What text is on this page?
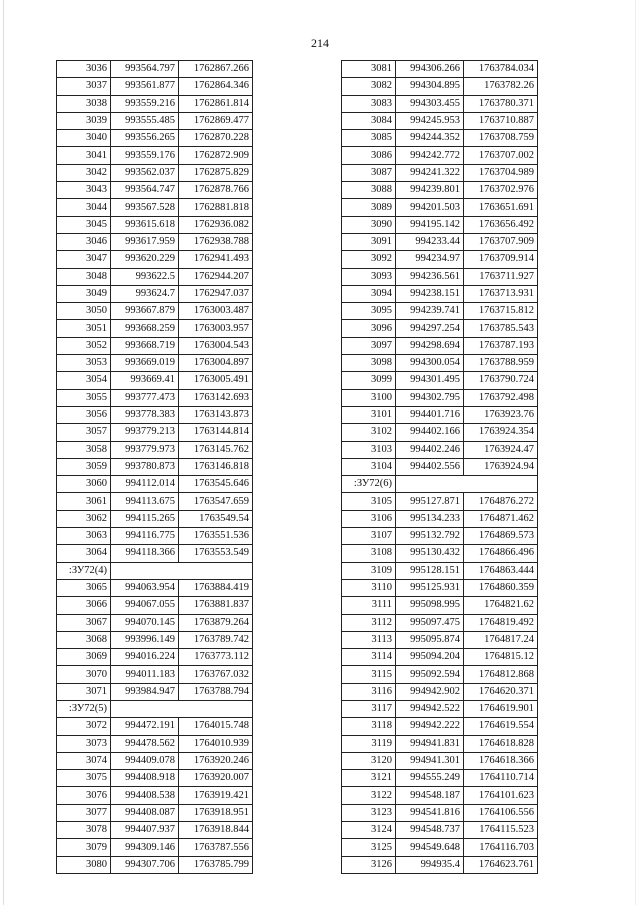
214
3036	993564.797	1762867.266
3037	993561.877	1762864.346
3038	993559.216	1762861.814
3039	993555.485	1762869.477
3040	993556.265	1762870.228
3041	993559.176	1762872.909
3042	993562.037	1762875.829
3043	993564.747	1762878.766
3044	993567.528	1762881.818
3045	993615.618	1762936.082
3046	993617.959	1762938.788
3047	993620.229	1762941.493
3048	993622.5	1762944.207
3049	993624.7	1762947.037
3050	993667.879	1763003.487
3051	993668.259	1763003.957
3052	993668.719	1763004.543
3053	993669.019	1763004.897
3054	993669.41	1763005.491
3055	993777.473	1763142.693
3056	993778.383	1763143.873
3057	993779.213	1763144.814
3058	993779.973	1763145.762
3059	993780.873	1763146.818
3060	994112.014	1763545.646
3061	994113.675	1763547.659
3062	994115.265	1763549.54
3063	994116.775	1763551.536
3064	994118.366	1763553.549
:ЗУ72(4)		
3065	994063.954	1763884.419
3066	994067.055	1763881.837
3067	994070.145	1763879.264
3068	993996.149	1763789.742
3069	994016.224	1763773.112
3070	994011.183	1763767.032
3071	993984.947	1763788.794
:ЗУ72(5)		
3072	994472.191	1764015.748
3073	994478.562	1764010.939
3074	994409.078	1763920.246
3075	994408.918	1763920.007
3076	994408.538	1763919.421
3077	994408.087	1763918.951
3078	994407.937	1763918.844
3079	994309.146	1763787.556
3080	994307.706	1763785.799
3081	994306.266	1763784.034
3082	994304.895	1763782.26
3083	994303.455	1763780.371
3084	994245.953	1763710.887
3085	994244.352	1763708.759
3086	994242.772	1763707.002
3087	994241.322	1763704.989
3088	994239.801	1763702.976
3089	994201.503	1763651.691
3090	994195.142	1763656.492
3091	994233.44	1763707.909
3092	994234.97	1763709.914
3093	994236.561	1763711.927
3094	994238.151	1763713.931
3095	994239.741	1763715.812
3096	994297.254	1763785.543
3097	994298.694	1763787.193
3098	994300.054	1763788.959
3099	994301.495	1763790.724
3100	994302.795	1763792.498
3101	994401.716	1763923.76
3102	994402.166	1763924.354
3103	994402.246	1763924.47
3104	994402.556	1763924.94
:ЗУ72(6)		
3105	995127.871	1764876.272
3106	995134.233	1764871.462
3107	995132.792	1764869.573
3108	995130.432	1764866.496
3109	995128.151	1764863.444
3110	995125.931	1764860.359
3111	995098.995	1764821.62
3112	995097.475	1764819.492
3113	995095.874	1764817.24
3114	995094.204	1764815.12
3115	995092.594	1764812.868
3116	994942.902	1764620.371
3117	994942.522	1764619.901
3118	994942.222	1764619.554
3119	994941.831	1764618.828
3120	994941.301	1764618.366
3121	994555.249	1764110.714
3122	994548.187	1764101.623
3123	994541.816	1764106.556
3124	994548.737	1764115.523
3125	994549.648	1764116.703
3126	994935.4	1764623.761
